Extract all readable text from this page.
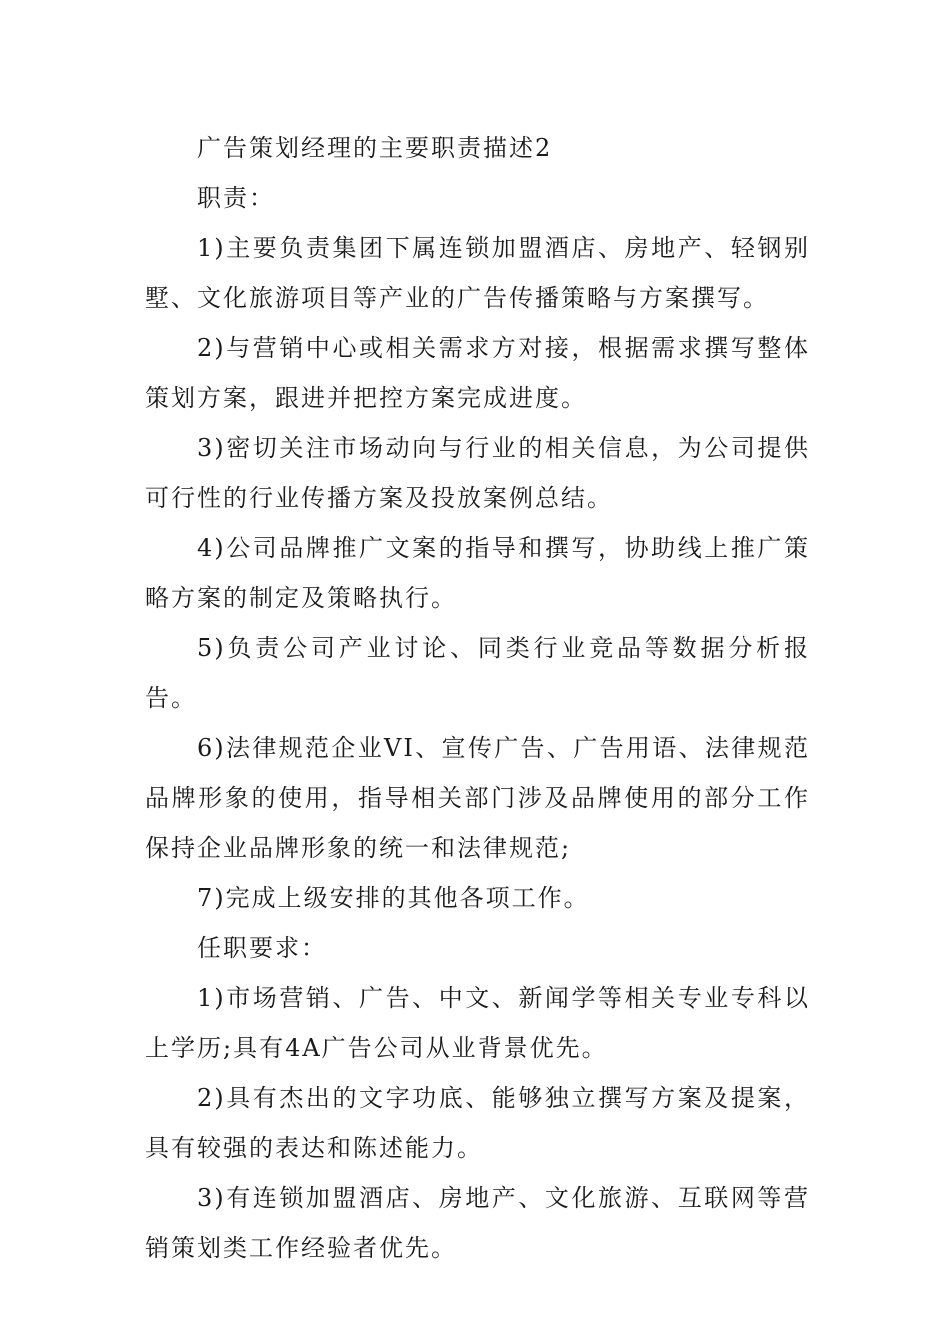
广告策划经理的主要职责描述2

职责：

1)主要负责集团下属连锁加盟酒店、房地产、轻钢别墅、文化旅游项目等产业的广告传播策略与方案撰写。

2)与营销中心或相关需求方对接，根据需求撰写整体策划方案，跟进并把控方案完成进度。

3)密切关注市场动向与行业的相关信息，为公司提供可行性的行业传播方案及投放案例总结。

4)公司品牌推广文案的指导和撰写，协助线上推广策略方案的制定及策略执行。

5)负责公司产业讨论、同类行业竞品等数据分析报告。

6)法律规范企业VI、宣传广告、广告用语、法律规范品牌形象的使用，指导相关部门涉及品牌使用的部分工作保持企业品牌形象的统一和法律规范;

7)完成上级安排的其他各项工作。

任职要求：

1)市场营销、广告、中文、新闻学等相关专业专科以上学历;具有4A广告公司从业背景优先。

2)具有杰出的文字功底、能够独立撰写方案及提案，具有较强的表达和陈述能力。

3)有连锁加盟酒店、房地产、文化旅游、互联网等营销策划类工作经验者优先。
